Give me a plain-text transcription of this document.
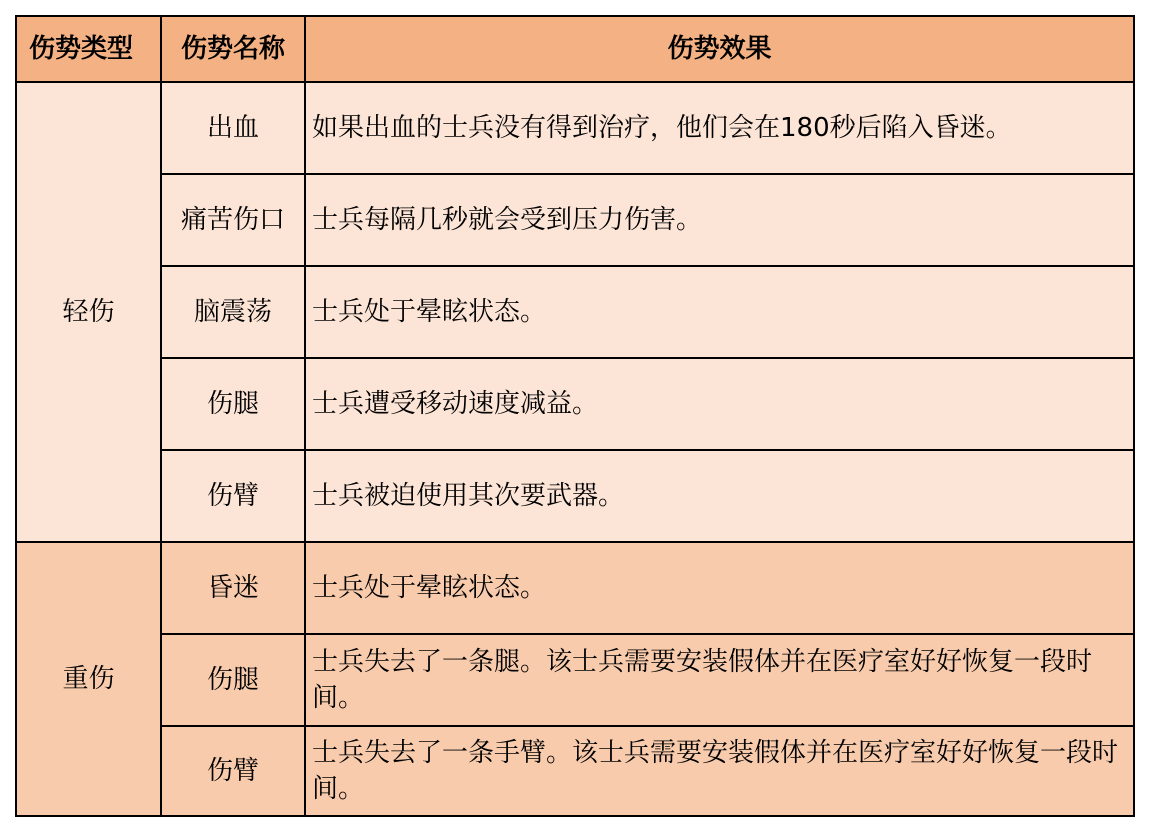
伤势类型	伤势名称	伤势效果
轻伤	出血	如果出血的士兵没有得到治疗，他们会在180秒后陷入昏迷。
	痛苦伤口	士兵每隔几秒就会受到压力伤害。
	脑震荡	士兵处于晕眩状态。
	伤腿	士兵遭受移动速度减益。
	伤臂	士兵被迫使用其次要武器。
重伤	昏迷	士兵处于晕眩状态。
	伤腿	士兵失去了一条腿。该士兵需要安装假体并在医疗室好好恢复一段时间。
	伤臂	士兵失去了一条手臂。该士兵需要安装假体并在医疗室好好恢复一段时间。
